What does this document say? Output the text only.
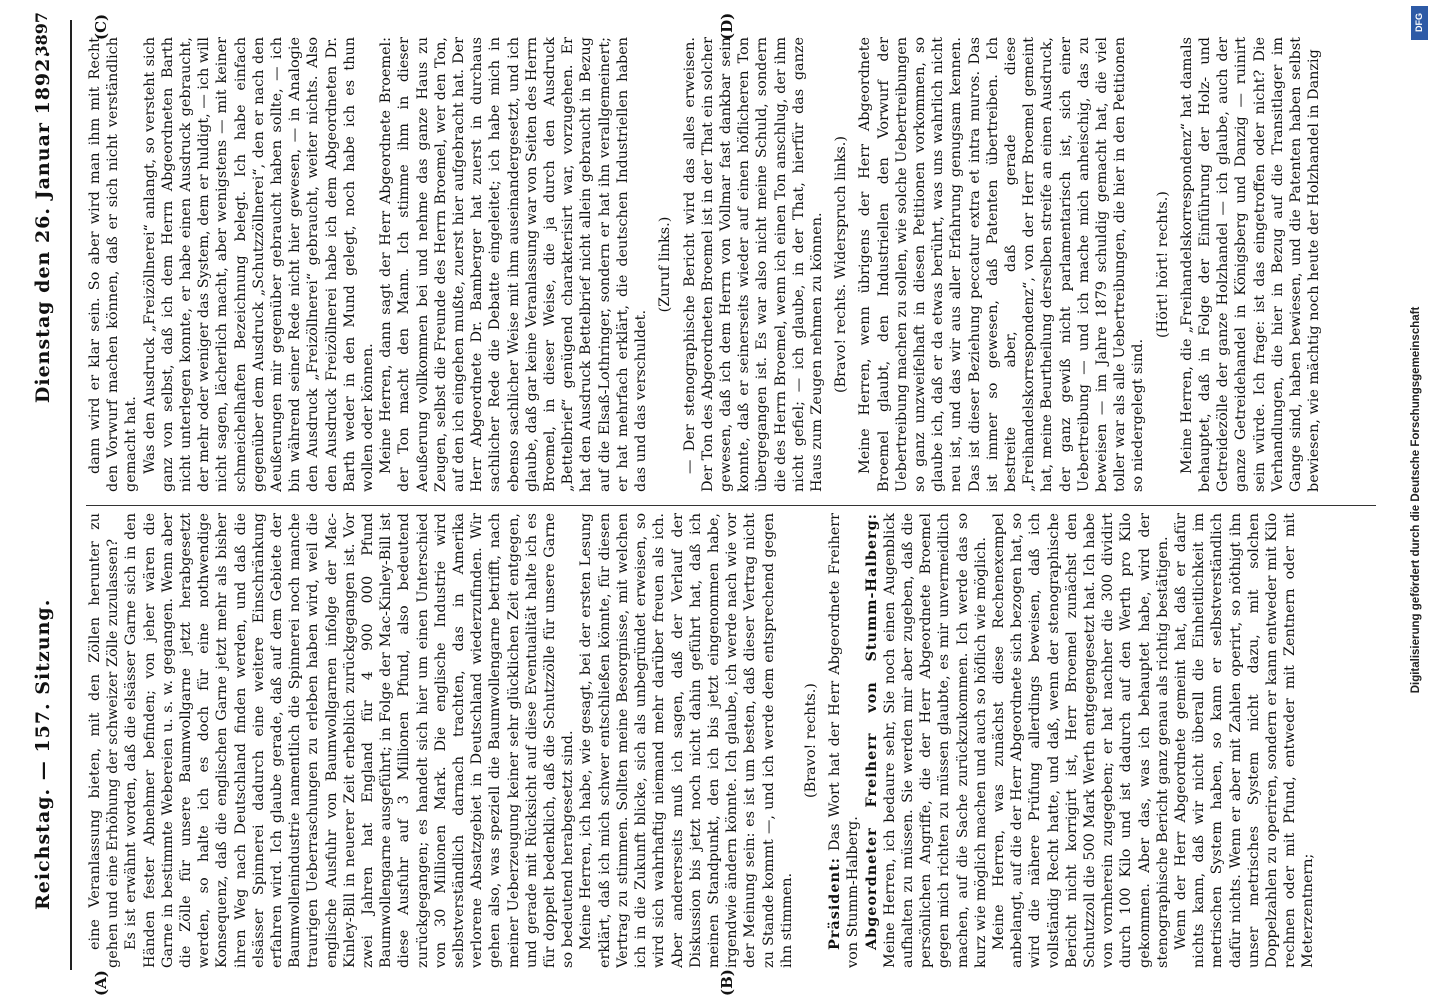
Reichstag. — 157. Sitzung.
Dienstag den 26. Januar 1892.
3897
(A)	(B)
(C)	(D)

eine Veranlassung bieten, mit den Zöllen herunter zu gehen und eine Erhöhung der schweizer Zölle zuzulassen? Es ist erwähnt worden, daß die elsässer Garne sich in den Händen fester Abnehmer befinden; von jeher wären die Garne in bestimmte Webereien u. s. w. gegangen. Wenn aber die Zölle für unsere Baumwollgarne jetzt herabgesetzt werden, so halte ich es doch für eine nothwendige Konsequenz, daß die englischen Garne jetzt mehr als bisher ihren Weg nach Deutschland finden werden, und daß die elsässer Spinnerei dadurch eine weitere Einschränkung erfahren wird. Ich glaube gerade, daß auf dem Gebiete der Baumwollenindustrie namentlich die Spinnerei noch manche traurigen Ueberraschungen zu erleben haben wird, weil die englische Ausfuhr von Baumwollgarnen infolge der Mac-Kinley-Bill in neuerer Zeit erheblich zurückgegangen ist. Vor zwei Jahren hat England für 4 900 000 Pfund Baumwollengarne ausgeführt; in Folge der Mac-Kinley-Bill ist diese Ausfuhr auf 3 Millionen Pfund, also bedeutend zurückgegangen; es handelt sich hier um einen Unterschied von 30 Millionen Mark. Die englische Industrie wird selbstverständlich darnach trachten, das in Amerika verlorene Absatzgebiet in Deutschland wiederzufinden. Wir gehen also, was speziell die Baumwollengarne betrifft, nach meiner Ueberzeugung keiner sehr glücklichen Zeit entgegen, und gerade mit Rücksicht auf diese Eventualität halte ich es für doppelt bedenklich, daß die Schutzzölle für unsere Garne so bedeutend herabgesetzt sind. Meine Herren, ich habe, wie gesagt, bei der ersten Lesung erklärt, daß ich mich schwer entschließen könnte, für diesen Vertrag zu stimmen. Sollten meine Besorgnisse, mit welchen ich in die Zukunft blicke, sich als unbegründet erweisen, so wird sich wahrhaftig niemand mehr darüber freuen als ich. Aber andererseits muß ich sagen, daß der Verlauf der Diskussion bis jetzt noch nicht dahin geführt hat, daß ich meinen Standpunkt, den ich bis jetzt eingenommen habe, irgendwie ändern könnte. Ich glaube, ich werde nach wie vor der Meinung sein: es ist um besten, daß dieser Vertrag nicht zu Stande kommt —, und ich werde dem entsprechend gegen ihn stimmen.

(Bravo! rechts.)

Präsident: Das Wort hat der Herr Abgeordnete Freiherr von Stumm-Halberg. Abgeordneter Freiherr von Stumm-Halberg: Meine Herren, ich bedaure sehr, Sie noch einen Augenblick aufhalten zu müssen. Sie werden mir aber zugeben, daß die persönlichen Angriffe, die der Herr Abgeordnete Broemel gegen mich richten zu müssen glaubte, es mir unvermeidlich machen, auf die Sache zurückzukommen. Ich werde das so kurz wie möglich machen und auch so höflich wie möglich. Meine Herren, was zunächst diese Rechenexempel anbelangt, auf die der Herr Abgeordnete sich bezogen hat, so wird die nähere Prüfung allerdings beweisen, daß ich vollständig Recht hatte, und daß, wenn der stenographische Bericht nicht korrigirt ist, Herr Broemel zunächst den Schutzzoll die 500 Mark Werth entgegengesetzt hat. Ich habe von vornherein zugegeben; er hat nachher die 300 dividirt durch 100 Kilo und ist dadurch auf den Werth pro Kilo gekommen. Aber das, was ich behauptet habe, wird der stenographische Bericht ganz genau als richtig bestätigen. Wenn der Herr Abgeordnete gemeint hat, daß er dafür nichts kann, daß wir nicht überall die Einheitlichkeit im metrischen System haben, so kann er selbstverständlich dafür nichts. Wenn er aber mit Zahlen operirt, so nöthigt ihn unser metrisches System nicht dazu, mit solchen Doppelzahlen zu operiren, sondern er kann entweder mit Kilo rechnen oder mit Pfund, entweder mit Zentnern oder mit Meterzentnern;

dann wird er klar sein. So aber wird man ihm mit Recht den Vorwurf machen können, daß er sich nicht verständlich gemacht hat. Was den Ausdruck „Freizöllnerei“ anlangt, so versteht sich ganz von selbst, daß ich dem Herrn Abgeordneten Barth nicht unterlegen konnte, er habe einen Ausdruck gebraucht, der mehr oder weniger das System, dem er huldigt, — ich will nicht sagen, lächerlich macht, aber wenigstens — mit keiner schmeichelhaften Bezeichnung belegt. Ich habe einfach gegenüber dem Ausdruck „Schutzzöllnerei“, den er nach den Aeußerungen mir gegenüber gebraucht haben sollte, — ich bin während seiner Rede nicht hier gewesen, — in Analogie den Ausdruck „Freizöllnerei“ gebraucht, weiter nichts. Also den Ausdruck Freizöllnerei habe ich dem Abgeordneten Dr. Barth weder in den Mund gelegt, noch habe ich es thun wollen oder können. Meine Herren, dann sagt der Herr Abgeordnete Broemel: der Ton macht den Mann. Ich stimme ihm in dieser Aeußerung vollkommen bei und nehme das ganze Haus zu Zeugen, selbst die Freunde des Herrn Broemel, wer den Ton, auf den ich eingehen mußte, zuerst hier aufgebracht hat. Der Herr Abgeordnete Dr. Bamberger hat zuerst in durchaus sachlicher Rede die Debatte eingeleitet; ich habe mich in ebenso sachlicher Weise mit ihm auseinandergesetzt, und ich glaube, daß gar keine Veranlassung war von Seiten des Herrn Broemel, in dieser Weise, die ja durch den Ausdruck „Bettelbrief“ genügend charakterisirt war, vorzugehen. Er hat den Ausdruck Bettelbrief nicht allein gebraucht in Bezug auf die Elsaß-Lothringer, sondern er hat ihn verallgemeinert; er hat mehrfach erklärt, die deutschen Industriellen haben das und das verschuldet.

(Zuruf links.) — Der stenographische Bericht wird das alles erweisen. Der Ton des Abgeordneten Broemel ist in der That ein solcher gewesen, daß ich dem Herrn von Vollmar fast dankbar sein konnte, daß er seinerseits wieder auf einen höflicheren Ton übergegangen ist. Es war also nicht meine Schuld, sondern die des Herrn Broemel, wenn ich einen Ton anschlug, der ihm nicht gefiel; — ich glaube, in der That, hierfür das ganze Haus zum Zeugen nehmen zu können. (Bravo! rechts. Widerspruch links.) Meine Herren, wenn übrigens der Herr Abgeordnete Broemel glaubt, den Industriellen den Vorwurf der Uebertreibung machen zu sollen, wie solche Uebertreibungen so ganz unzweifelhaft in diesen Petitionen vorkommen, so glaube ich, daß er da etwas berührt, was uns wahrlich nicht neu ist, und das wir aus aller Erfahrung genugsam kennen. Das ist dieser Beziehung peccatur extra et intra muros. Das ist immer so gewesen, daß Patenten übertreiben. Ich bestreite aber, daß gerade diese „Freihandelskorrespondenz“, von der Herr Broemel gemeint hat, meine Beurtheilung derselben streife an einen Ausdruck, der ganz gewiß nicht parlamentarisch ist, sich einer Uebertreibung — und ich mache mich anheischig, das zu beweisen — im Jahre 1879 schuldig gemacht hat, die viel toller war als alle Uebertreibungen, die hier in den Petitionen so niedergelegt sind.

(Hört! hört! rechts.) Meine Herren, die „Freihandelskorrespondenz“ hat damals behauptet, daß in Folge der Einführung der Holz- und Getreidezölle der ganze Holzhandel — ich glaube, auch der ganze Getreidehandel in Königsberg und Danzig — ruinirt sein würde. Ich frage: ist das eingetroffen oder nicht? Die Verhandlungen, die hier in Bezug auf die Transitlager im Gange sind, haben bewiesen, und die Patenten haben selbst bewiesen, wie mächtig noch heute der Holzhandel in Danzig

Digitalisierung gefördert durch die Deutsche Forschungsgemeinschaft
DFG
